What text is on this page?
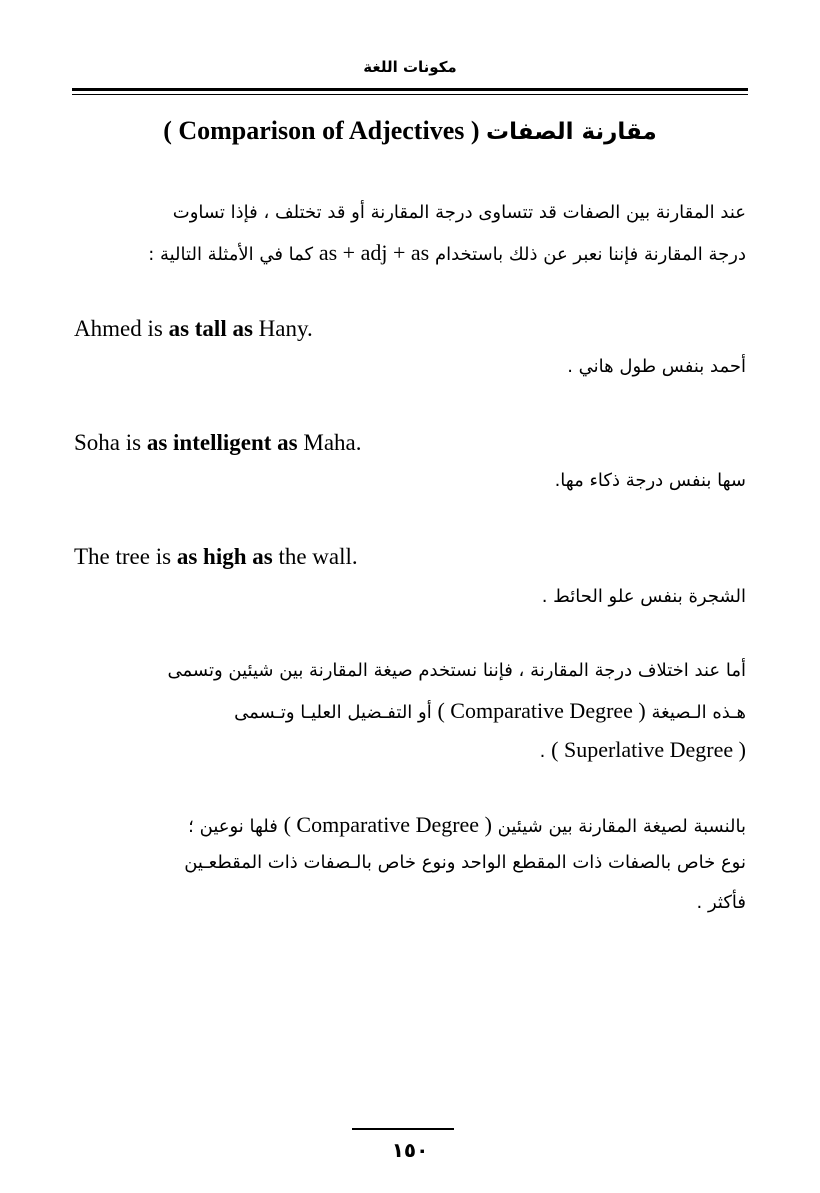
مكونات اللغة
( Comparison of Adjectives ) مقارنة الصفات
عند المقارنة بين الصفات قد تتساوى درجة المقارنة أو قد تختلف ، فإذا تساوت
درجة المقارنة فإننا نعبر عن ذلك باستخدام as + adj + as كما في الأمثلة التالية :
Ahmed is as tall as Hany.
أحمد بنفس طول هاني .
Soha is as intelligent as Maha.
سها بنفس درجة ذكاء مها.
The tree is as high as the wall.
الشجرة بنفس علو الحائط .
أما عند اختلاف درجة المقارنة ، فإننا نستخدم صيغة المقارنة بين شيئين وتسمى
هـذه الـصيغة ( Comparative Degree ) أو التفـضيل العليـا وتـسمى
( Superlative Degree ) .
بالنسبة لصيغة المقارنة بين شيئين ( Comparative Degree ) فلها نوعين ؛
نوع خاص بالصفات ذات المقطع الواحد ونوع خاص بالـصفات ذات المقطعـين
فأكثر .
١٥٠
